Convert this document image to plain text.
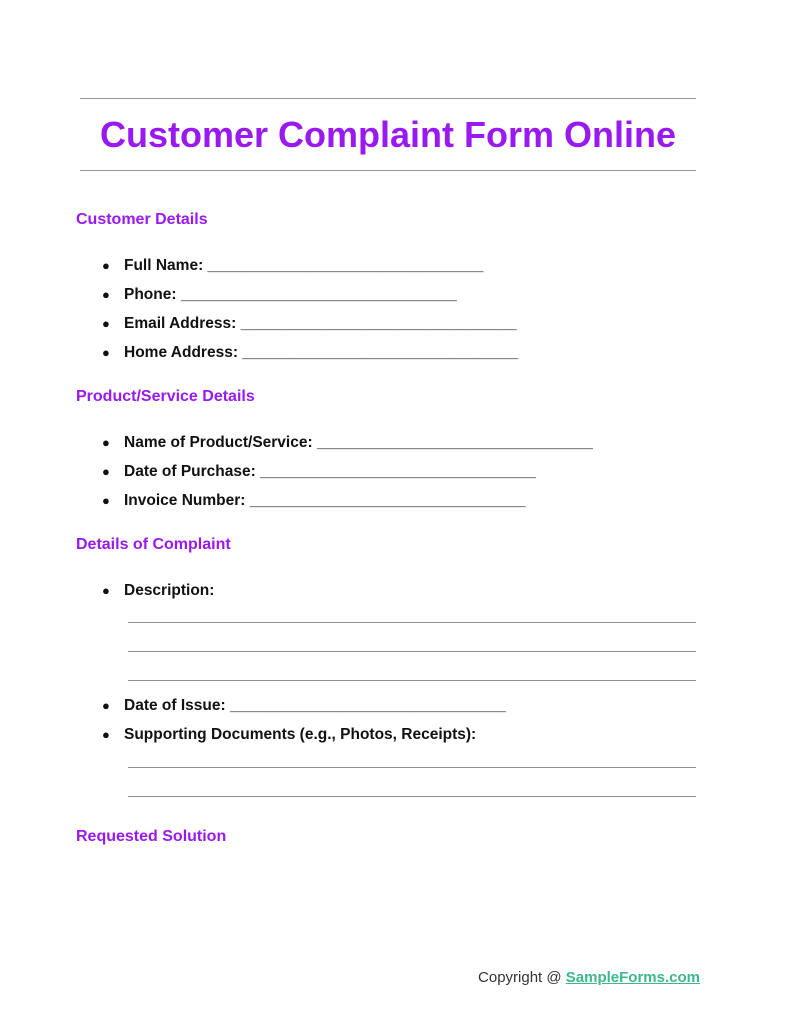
Customer Complaint Form Online
Customer Details
● Full Name: ________________________________
● Phone: ________________________________
● Email Address: ________________________________
● Home Address: ________________________________
Product/Service Details
● Name of Product/Service: ________________________________
● Date of Purchase: ________________________________
● Invoice Number: ________________________________
Details of Complaint
● Description:
● Date of Issue: ________________________________
● Supporting Documents (e.g., Photos, Receipts):
Requested Solution
Copyright @ SampleForms.com
